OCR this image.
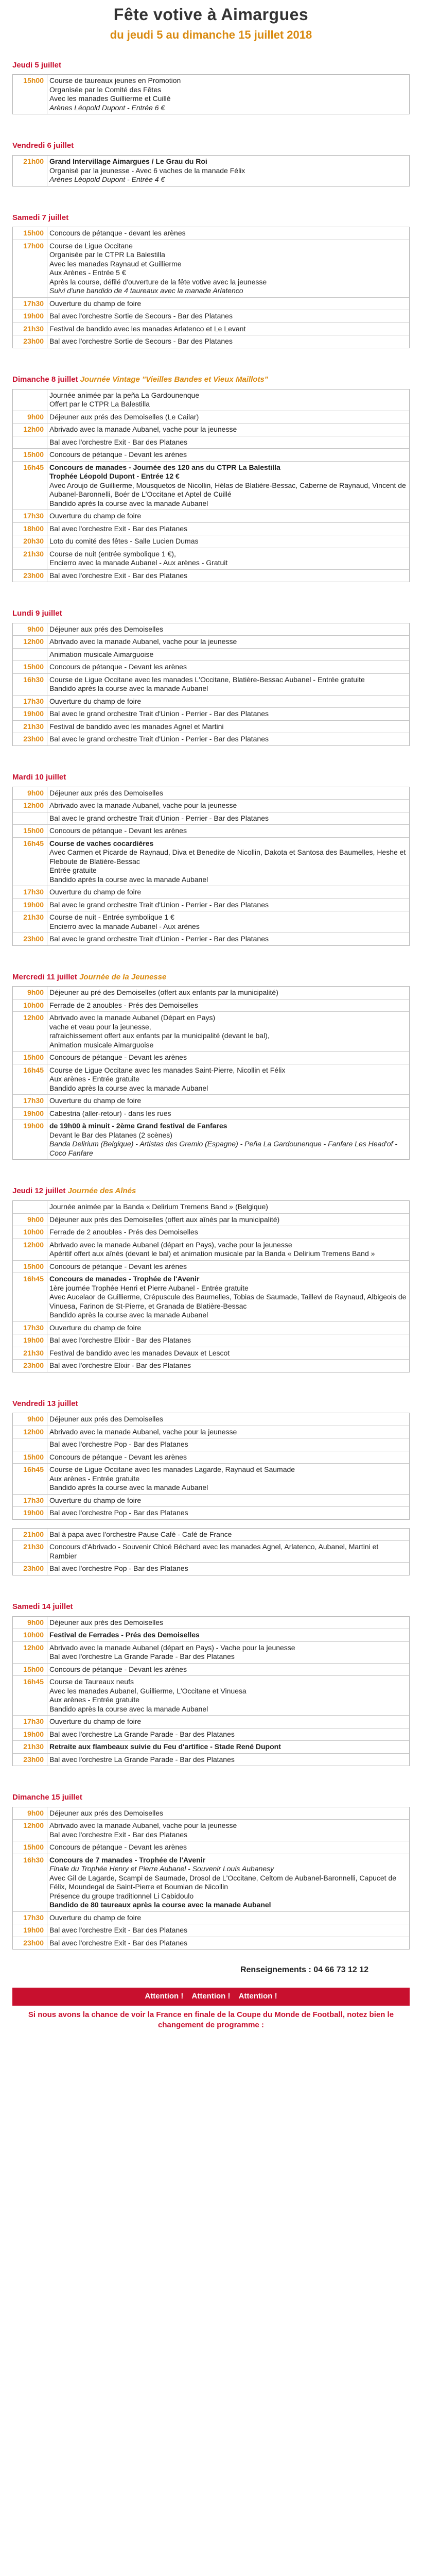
Fête votive à Aimargues
du jeudi 5 au dimanche 15 juillet 2018
Jeudi 5 juillet
15h00 Course de taureaux jeunes en Promotion
Organisée par le Comité des Fêtes
Avec les manades Guillierme et Cuillé
Arènes Léopold Dupont - Entrée 6 €
Vendredi 6 juillet
21h00 Grand Intervillage Aimargues / Le Grau du Roi
Organisé par la jeunesse - Avec 6 vaches de la manade Félix
Arènes Léopold Dupont - Entrée 4 €
Samedi 7 juillet
15h00 Concours de pétanque - devant les arènes
17h00 Course de Ligue Occitane
Organisée par le CTPR La Balestilla
Avec les manades Raynaud et Guillierme
Aux Arènes - Entrée 5 €
Après la course, défilé d'ouverture de la fête votive avec la jeunesse
Suivi d'une bandido de 4 taureaux avec la manade Arlatenco
17h30 Ouverture du champ de foire
19h00 Bal avec l'orchestre Sortie de Secours - Bar des Platanes
21h30 Festival de bandido avec les manades Arlatenco et Le Levant
23h00 Bal avec l'orchestre Sortie de Secours - Bar des Platanes
Dimanche 8 juillet Journée Vintage "Vieilles Bandes et Vieux Maillots"
Journée animée par la peña La Gardounenque
Offert par le CTPR La Balestilla
9h00 Déjeuner aux prés des Demoiselles (Le Cailar)
12h00 Abrivado avec la manade Aubanel, vache pour la jeunesse
Bal avec l'orchestre Exit - Bar des Platanes
15h00 Concours de pétanque - Devant les arènes
16h45 Concours de manades - Journée des 120 ans du CTPR La Balestilla
Trophée Léopold Dupont - Entrée 12 €
Avec Aroujo de Guillierme, Mousquetos de Nicollin, Hélas de Blatière-Bessac, Caberne de Raynaud, Vincent de Aubanel-Baronnelli, Boér de L'Occitane et Aptel de Cuillé
Bandido après la course avec la manade Aubanel
17h30 Ouverture du champ de foire
18h00 Bal avec l'orchestre Exit - Bar des Platanes
20h30 Loto du comité des fêtes - Salle Lucien Dumas
21h30 Course de nuit (entrée symbolique 1 €),
Encierro avec la manade Aubanel - Aux arènes - Gratuit
23h00 Bal avec l'orchestre Exit - Bar des Platanes
Lundi 9 juillet
9h00 Déjeuner aux prés des Demoiselles
12h00 Abrivado avec la manade Aubanel, vache pour la jeunesse
Animation musicale Aimarguoise
15h00 Concours de pétanque - Devant les arènes
16h30 Course de Ligue Occitane avec les manades L'Occitane, Blatière-Bessac Aubanel - Entrée gratuite
Bandido après la course avec la manade Aubanel
17h30 Ouverture du champ de foire
19h00 Bal avec le grand orchestre Trait d'Union - Perrier - Bar des Platanes
21h30 Festival de bandido avec les manades Agnel et Martini
23h00 Bal avec le grand orchestre Trait d'Union - Perrier - Bar des Platanes
Mardi 10 juillet
9h00 Déjeuner aux prés des Demoiselles
12h00 Abrivado avec la manade Aubanel, vache pour la jeunesse
Bal avec le grand orchestre Trait d'Union - Perrier - Bar des Platanes
15h00 Concours de pétanque - Devant les arènes
16h45 Course de vaches cocardières
Avec Carmen et Picarde de Raynaud, Diva et Benedite de Nicollin, Dakota et Santosa des Baumelles, Heshe et Fleboute de Blatière-Bessac
Entrée gratuite
Bandido après la course avec la manade Aubanel
17h30 Ouverture du champ de foire
19h00 Bal avec le grand orchestre Trait d'Union - Perrier - Bar des Platanes
21h30 Course de nuit - Entrée symbolique 1 €
Encierro avec la manade Aubanel - Aux arènes
23h00 Bal avec le grand orchestre Trait d'Union - Perrier - Bar des Platanes
Mercredi 11 juillet Journée de la Jeunesse
9h00 Déjeuner au pré des Demoiselles (offert aux enfants par la municipalité)
10h00 Ferrade de 2 anoubles - Prés des Demoiselles
12h00 Abrivado avec la manade Aubanel (Départ en Pays)
vache et veau pour la jeunesse,
rafraichissement offert aux enfants par la municipalité (devant le bal),
Animation musicale Aimarguoise
15h00 Concours de pétanque - Devant les arènes
16h45 Course de Ligue Occitane avec les manades Saint-Pierre, Nicollin et Félix
Aux arènes - Entrée gratuite
Bandido après la course avec la manade Aubanel
17h30 Ouverture du champ de foire
19h00 Cabestria (aller-retour) - dans les rues
19h00 de 19h00 à minuit - 2ème Grand festival de Fanfares
Devant le Bar des Platanes (2 scènes)
Banda Delirium (Belgique) - Artistas des Gremio (Espagne) - Peña La Gardounenque - Fanfare Les Head'of - Coco Fanfare
Jeudi 12 juillet Journée des Aînés
Journée animée par la Banda « Delirium Tremens Band » (Belgique)
9h00 Déjeuner aux prés des Demoiselles (offert aux aînés par la municipalité)
10h00 Ferrade de 2 anoubles - Prés des Demoiselles
12h00 Abrivado avec la manade Aubanel (départ en Pays), vache pour la jeunesse
Apéritif offert aux aînés (devant le bal) et animation musicale par la Banda « Delirium Tremens Band »
15h00 Concours de pétanque - Devant les arènes
16h45 Concours de manades - Trophée de l'Avenir
1ère journée Trophée Henri et Pierre Aubanel - Entrée gratuite
Avec Aucelaor de Guillierme, Crépuscule des Baumelles, Tobias de Saumade, Taillevi de Raynaud, Albigeois de Vinuesa, Farinon de St-Pierre, et Granada de Blatière-Bessac
Bandido après la course avec la manade Aubanel
17h30 Ouverture du champ de foire
19h00 Bal avec l'orchestre Elixir - Bar des Platanes
21h30 Festival de bandido avec les manades Devaux et Lescot
23h00 Bal avec l'orchestre Elixir - Bar des Platanes
Vendredi 13 juillet
9h00 Déjeuner aux prés des Demoiselles
12h00 Abrivado avec la manade Aubanel, vache pour la jeunesse
Bal avec l'orchestre Pop - Bar des Platanes
15h00 Concours de pétanque - Devant les arènes
16h45 Course de Ligue Occitane avec les manades Lagarde, Raynaud et Saumade
Aux arènes - Entrée gratuite
Bandido après la course avec la manade Aubanel
17h30 Ouverture du champ de foire
19h00 Bal avec l'orchestre Pop - Bar des Platanes
21h00 Bal à papa avec l'orchestre Pause Café - Café de France
21h30 Concours d'Abrivado - Souvenir Chloé Béchard avec les manades Agnel, Arlatenco, Aubanel, Martini et Rambier
23h00 Bal avec l'orchestre Pop - Bar des Platanes
Samedi 14 juillet
9h00 Déjeuner aux prés des Demoiselles
10h00 Festival de Ferrades - Prés des Demoiselles
12h00 Abrivado avec la manade Aubanel (départ en Pays) - Vache pour la jeunesse
Bal avec l'orchestre La Grande Parade - Bar des Platanes
15h00 Concours de pétanque - Devant les arènes
16h45 Course de Taureaux neufs
Avec les manades Aubanel, Guillierme, L'Occitane et Vinuesa
Aux arènes - Entrée gratuite
Bandido après la course avec la manade Aubanel
17h30 Ouverture du champ de foire
19h00 Bal avec l'orchestre La Grande Parade - Bar des Platanes
21h30 Retraite aux flambeaux suivie du Feu d'artifice - Stade René Dupont
23h00 Bal avec l'orchestre La Grande Parade - Bar des Platanes
Dimanche 15 juillet
9h00 Déjeuner aux prés des Demoiselles
12h00 Abrivado avec la manade Aubanel, vache pour la jeunesse
Bal avec l'orchestre Exit - Bar des Platanes
15h00 Concours de pétanque - Devant les arènes
16h30 Concours de 7 manades - Trophée de l'Avenir
Finale du Trophée Henry et Pierre Aubanel - Souvenir Louis Aubanesy
Avec Gil de Lagarde, Scampi de Saumade, Drosol de L'Occitane, Celtom de Aubanel-Baronnelli, Capucet de Félix, Moundegal de Saint-Pierre et Boumian de Nicollin
Présence du groupe traditionnel Li Cabidoulo
Bandido de 80 taureaux après la course avec la manade Aubanel
17h30 Ouverture du champ de foire
19h00 Bal avec l'orchestre Exit - Bar des Platanes
23h00 Bal avec l'orchestre Exit - Bar des Platanes
Renseignements : 04 66 73 12 12
Attention !    Attention !    Attention !
Si nous avons la chance de voir la France en finale de la Coupe du Monde de Football, notez bien le changement de programme :
